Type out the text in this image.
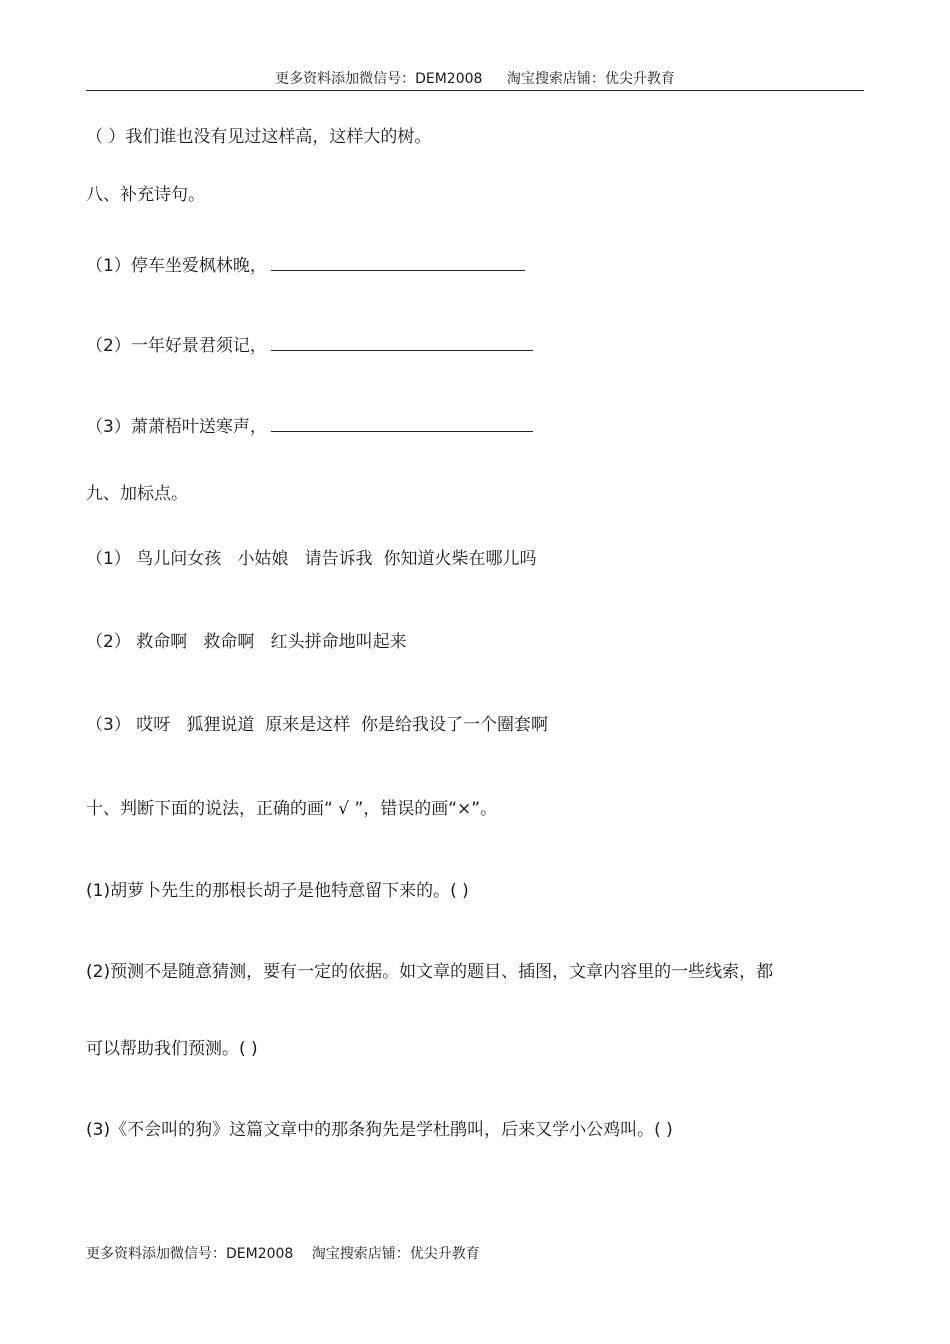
更多资料添加微信号：DEM2008 淘宝搜索店铺：优尖升教育
（ ）我们谁也没有见过这样高，这样大的树。
八、补充诗句。
（1）停车坐爱枫林晚，
（2）一年好景君须记，
（3）萧萧梧叶送寒声，
九、加标点。
（1） 鸟儿问女孩   小姑娘   请告诉我  你知道火柴在哪儿吗
（2） 救命啊   救命啊   红头拼命地叫起来
（3） 哎呀   狐狸说道  原来是这样  你是给我设了一个圈套啊
十、判断下面的说法，正确的画“ √ ”，错误的画“×”。
(1)胡萝卜先生的那根长胡子是他特意留下来的。( )
(2)预测不是随意猜测，要有一定的依据。如文章的题目、插图，文章内容里的一些线索，都
可以帮助我们预测。( )
(3)《不会叫的狗》这篇文章中的那条狗先是学杜鹃叫，后来又学小公鸡叫。( )
更多资料添加微信号：DEM2008 淘宝搜索店铺：优尖升教育
